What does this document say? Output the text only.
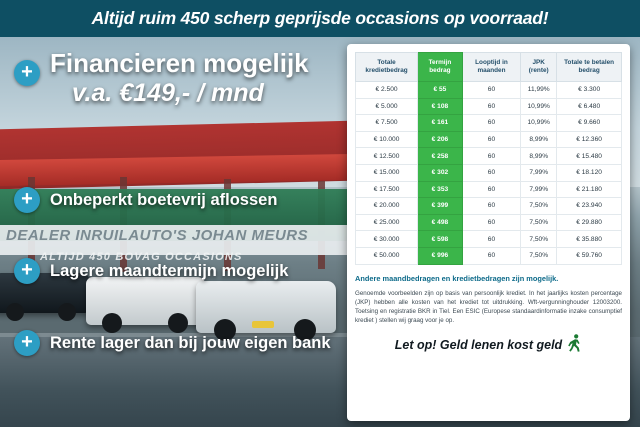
Altijd ruim 450 scherp geprijsde occasions op voorraad!
DEALER INRUILAUTO'S JOHAN MEURS
ALTIJD 450 BOVAG OCCASIONS
+ Financieren mogelijk
v.a. €149,- / mnd
+	Onbeperkt boetevrij aflossen
+	Lagere maandtermijn mogelijk
+	Rente lager dan bij jouw eigen bank
Totale kredietbedrag	Termijn bedrag	Looptijd in maanden	JPK (rente)	Totale te betalen bedrag
€ 2.500	€ 55	60	11,99%	€ 3.300
€ 5.000	€ 108	60	10,99%	€ 6.480
€ 7.500	€ 161	60	10,99%	€ 9.660
€ 10.000	€ 206	60	8,99%	€ 12.360
€ 12.500	€ 258	60	8,99%	€ 15.480
€ 15.000	€ 302	60	7,99%	€ 18.120
€ 17.500	€ 353	60	7,99%	€ 21.180
€ 20.000	€ 399	60	7,50%	€ 23.940
€ 25.000	€ 498	60	7,50%	€ 29.880
€ 30.000	€ 598	60	7,50%	€ 35.880
€ 50.000	€ 996	60	7,50%	€ 59.760
Andere maandbedragen en kredietbedragen zijn mogelijk.
Genoemde voorbeelden zijn op basis van persoonlijk krediet. In het jaarlijks kosten percentage (JKP) hebben alle kosten van het krediet tot uitdrukking. Wft-vergunninghouder 12003200. Toetsing en registratie BKR in Tiel. Een ESIC (Europese standaardinformatie inzake consumptief krediet ) stellen wij graag voor je op.
Let op! Geld lenen kost geld
